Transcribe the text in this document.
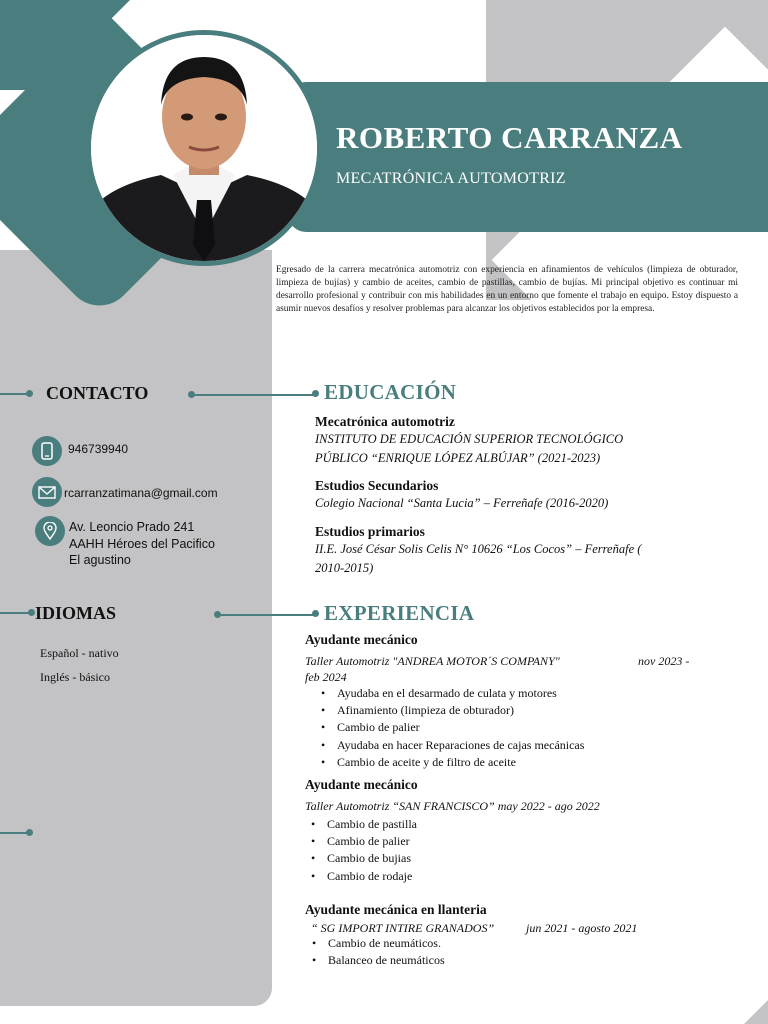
ROBERTO CARRANZA
MECATRÓNICA AUTOMOTRIZ
Egresado de la carrera mecatrónica automotriz con experiencia en afinamientos de vehículos (limpieza de obturador, limpieza de bujías) y cambio de aceites, cambio de pastillas, cambio de bujías. Mi principal objetivo es continuar mi desarrollo profesional y contribuir con mis habilidades en un entorno que fomente el trabajo en equipo. Estoy dispuesto a asumir nuevos desafíos y resolver problemas para alcanzar los objetivos establecidos por la empresa.
CONTACTO	EDUCACIÓN
946739940
rcarranzatimana@gmail.com
Av. Leoncio Prado 241
AAHH Héroes del Pacifico
El agustino
Mecatrónica automotriz
INSTITUTO DE EDUCACIÓN SUPERIOR TECNOLÓGICO
PÚBLICO “ENRIQUE LÓPEZ ALBÚJAR” (2021-2023)
Estudios Secundarios
Colegio Nacional “Santa Lucia” – Ferreñafe (2016-2020)
Estudios primarios
II.E. José César Solis Celis N° 10626 “Los Cocos” – Ferreñafe (
2010-2015)
IDIOMAS	EXPERIENCIA
Español - nativo
Inglés - básico
Ayudante mecánico
Taller Automotriz "ANDREA MOTOR´S COMPANY"	nov 2023 -
feb 2024
• Ayudaba en el desarmado de culata y motores
• Afinamiento (limpieza de obturador)
• Cambio de palier
• Ayudaba en hacer Reparaciones de cajas mecánicas
• Cambio de aceite y de filtro de aceite
Ayudante mecánico
Taller Automotriz “SAN FRANCISCO” may 2022 - ago 2022
• Cambio de pastilla
• Cambio de palier
• Cambio de bujias
• Cambio de rodaje
Ayudante mecánica en llanteria
“ SG IMPORT INTIRE GRANADOS”	jun 2021 - agosto 2021
• Cambio de neumáticos.
• Balanceo de neumáticos
